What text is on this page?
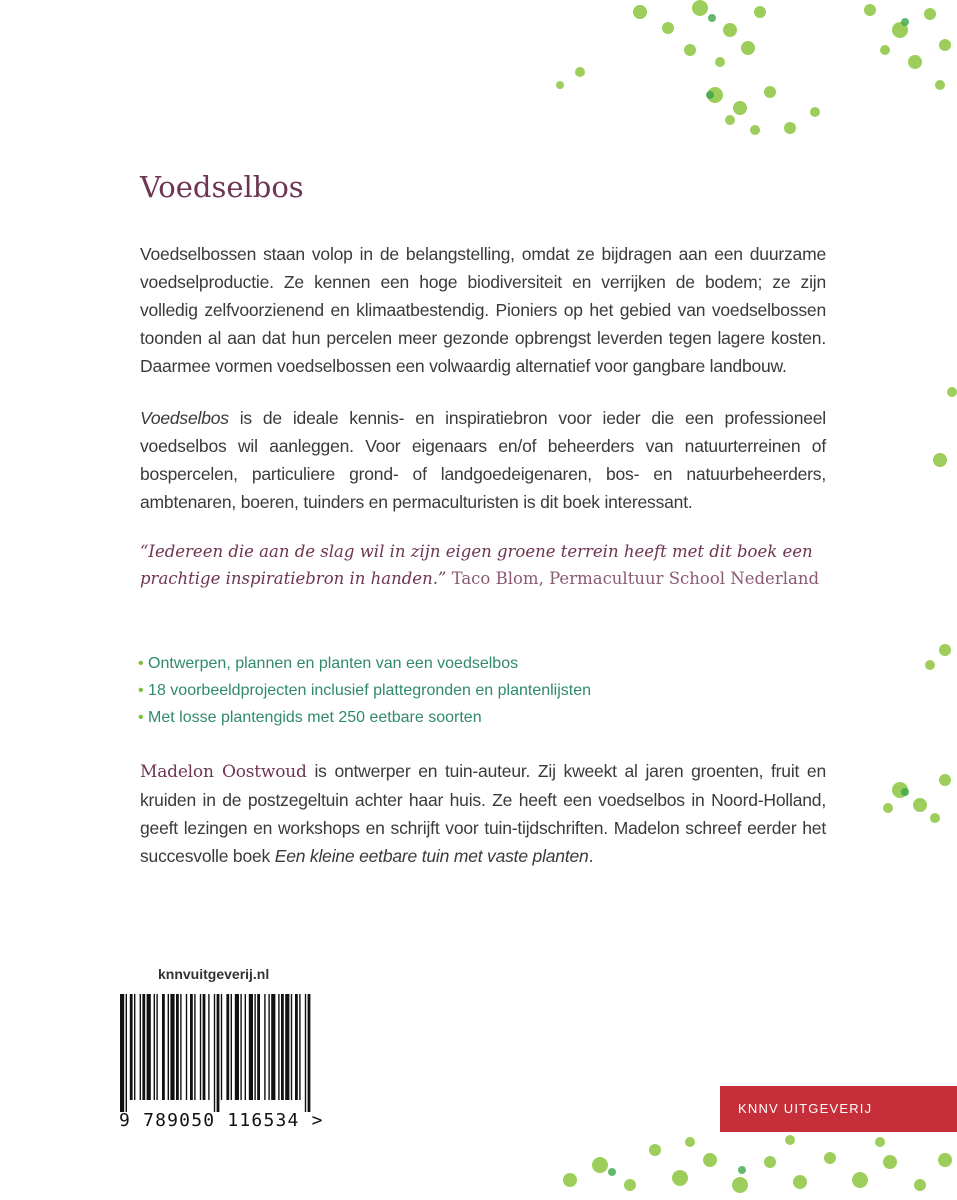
Voedselbos

Voedselbossen staan volop in de belangstelling, omdat ze bijdragen aan een duurzame voedselproductie. Ze kennen een hoge biodiversiteit en verrijken de bodem; ze zijn volledig zelfvoorzienend en klimaatbestendig. Pioniers op het gebied van voedselbossen toonden al aan dat hun percelen meer gezonde opbrengst leverden tegen lagere kosten. Daarmee vormen voedselbossen een volwaardig alternatief voor gangbare landbouw.

Voedselbos is de ideale kennis- en inspiratiebron voor ieder die een professioneel voedselbos wil aanleggen. Voor eigenaars en/of beheerders van natuurterreinen of bospercelen, particuliere grond- of landgoedeigenaren, bos- en natuurbeheerders, ambtenaren, boeren, tuinders en permaculturisten is dit boek interessant.

“Iedereen die aan de slag wil in zijn eigen groene terrein heeft met dit boek een prachtige inspiratiebron in handen.” Taco Blom, Permacultuur School Nederland

• Ontwerpen, plannen en planten van een voedselbos
• 18 voorbeeldprojecten inclusief plattegronden en plantenlijsten
• Met losse plantengids met 250 eetbare soorten

Madelon Oostwoud is ontwerper en tuin-auteur. Zij kweekt al jaren groenten, fruit en kruiden in de postzegeltuin achter haar huis. Ze heeft een voedselbos in Noord-Holland, geeft lezingen en workshops en schrijft voor tuin-tijdschriften. Madelon schreef eerder het succesvolle boek Een kleine eetbare tuin met vaste planten.

knnvuitgeverij.nl
9 789050 116534 >
KNNV UITGEVERIJ
